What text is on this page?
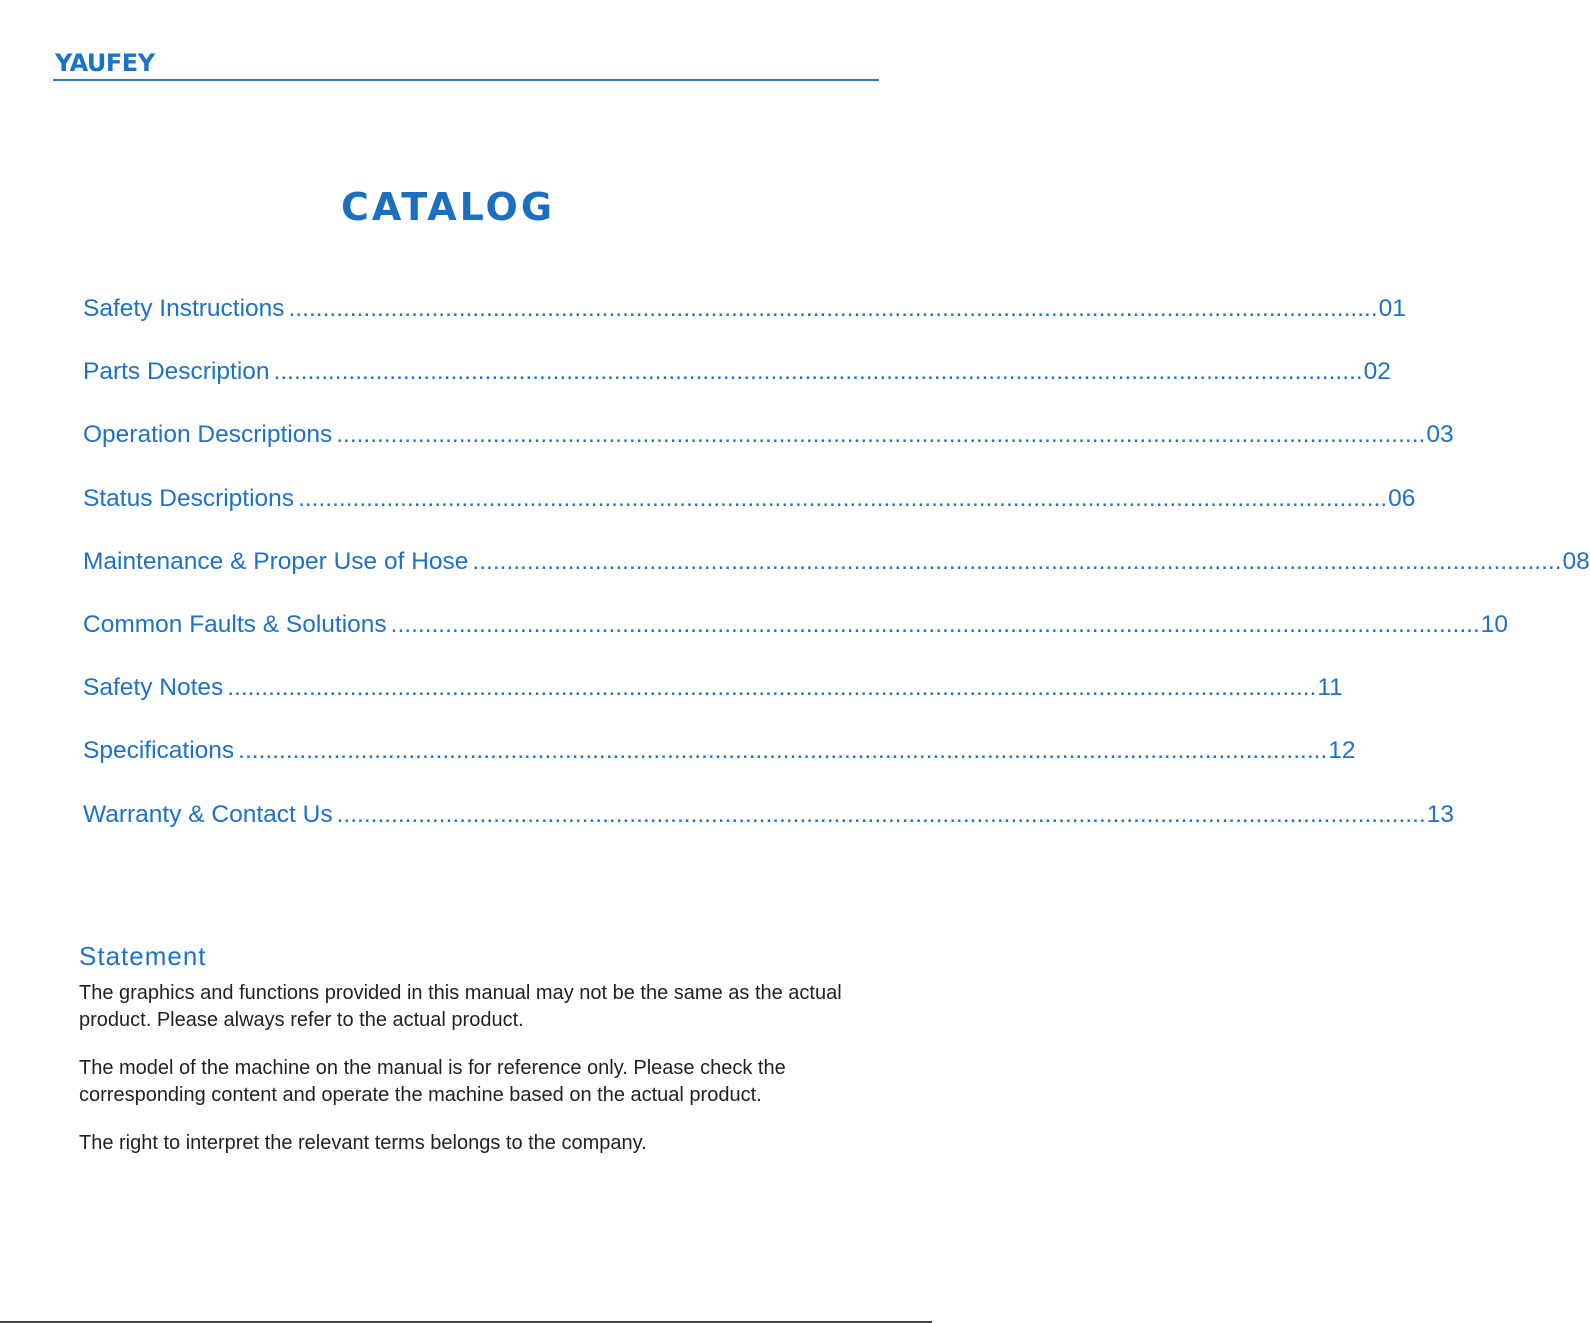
YAUFEY
CATALOG
Safety Instructions ................................................................................................................................................................ 01
Parts Description ................................................................................................................................................................ 02
Operation Descriptions ................................................................................................................................................................ 03
Status Descriptions ................................................................................................................................................................ 06
Maintenance & Proper Use of Hose ................................................................................................................................................................ 08
Common Faults & Solutions ................................................................................................................................................................ 10
Safety Notes ................................................................................................................................................................ 11
Specifications ................................................................................................................................................................ 12
Warranty & Contact Us ................................................................................................................................................................ 13
Statement

The graphics and functions provided in this manual may not be the same as the actual product. Please always refer to the actual product.

The model of the machine on the manual is for reference only. Please check the corresponding content and operate the machine based on the actual product.

The right to interpret the relevant terms belongs to the company.
